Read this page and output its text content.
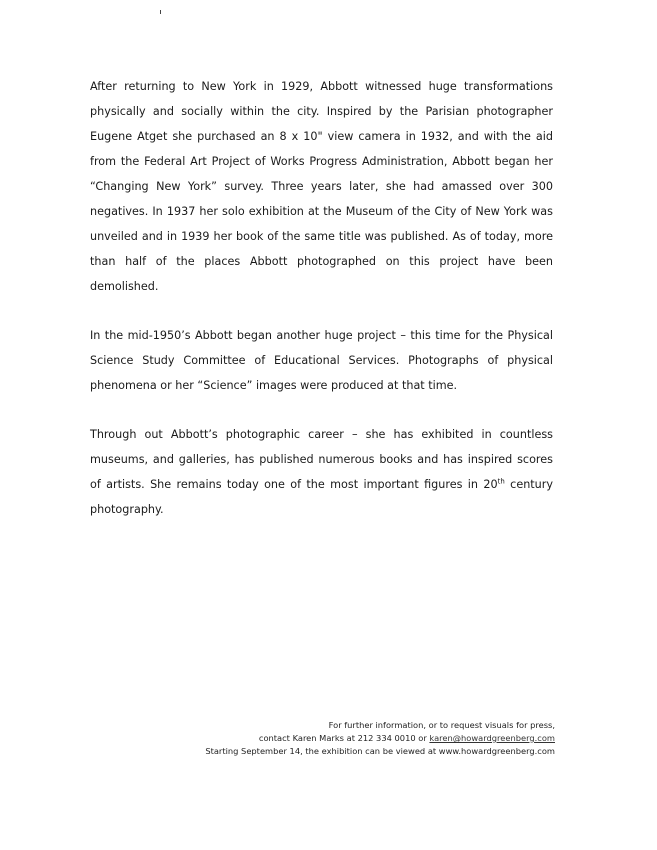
After returning to New York in 1929, Abbott witnessed huge transformations physically and socially within the city. Inspired by the Parisian photographer Eugene Atget she purchased an 8 x 10" view camera in 1932, and with the aid from the Federal Art Project of Works Progress Administration, Abbott began her “Changing New York” survey. Three years later, she had amassed over 300 negatives. In 1937 her solo exhibition at the Museum of the City of New York was unveiled and in 1939 her book of the same title was published. As of today, more than half of the places Abbott photographed on this project have been demolished.

In the mid-1950’s Abbott began another huge project – this time for the Physical Science Study Committee of Educational Services. Photographs of physical phenomena or her “Science” images were produced at that time.

Through out Abbott’s photographic career – she has exhibited in countless museums, and galleries, has published numerous books and has inspired scores of artists. She remains today one of the most important figures in 20th century photography.

For further information, or to request visuals for press,
contact Karen Marks at 212 334 0010 or karen@howardgreenberg.com
Starting September 14, the exhibition can be viewed at www.howardgreenberg.com
